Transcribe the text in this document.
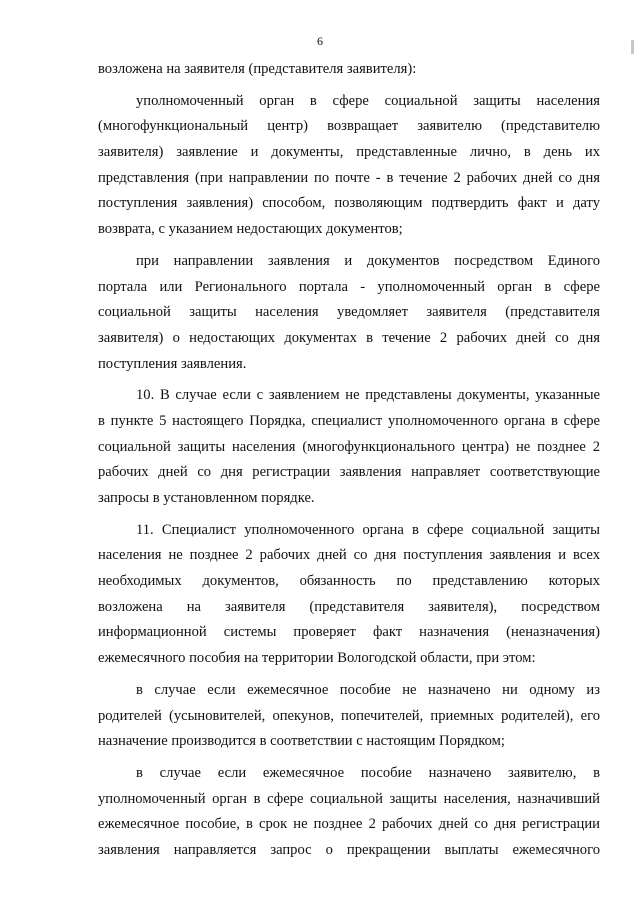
6
возложена на заявителя (представителя заявителя):
уполномоченный орган в сфере социальной защиты населения
(многофункциональный центр) возвращает заявителю (представителю
заявителя) заявление и документы, представленные лично, в день их
представления (при направлении по почте - в течение 2 рабочих дней со дня
поступления заявления) способом, позволяющим подтвердить факт и дату
возврата, с указанием недостающих документов;
при направлении заявления и документов посредством Единого
портала или Регионального портала - уполномоченный орган в сфере
социальной защиты населения уведомляет заявителя (представителя
заявителя) о недостающих документах в течение 2 рабочих дней со дня
поступления заявления.
10. В случае если с заявлением не представлены документы, указанные
в пункте 5 настоящего Порядка, специалист уполномоченного органа в сфере
социальной защиты населения (многофункционального центра) не позднее 2
рабочих дней со дня регистрации заявления направляет соответствующие
запросы в установленном порядке.
11. Специалист уполномоченного органа в сфере социальной защиты
населения не позднее 2 рабочих дней со дня поступления заявления и всех
необходимых документов, обязанность по представлению которых
возложена на заявителя (представителя заявителя), посредством
информационной системы проверяет факт назначения (неназначения)
ежемесячного пособия на территории Вологодской области, при этом:
в случае если ежемесячное пособие не назначено ни одному из
родителей (усыновителей, опекунов, попечителей, приемных родителей), его
назначение производится в соответствии с настоящим Порядком;
в случае если ежемесячное пособие назначено заявителю, в
уполномоченный орган в сфере социальной защиты населения, назначивший
ежемесячное пособие, в срок не позднее 2 рабочих дней со дня регистрации
заявления направляется запрос о прекращении выплаты ежемесячного
